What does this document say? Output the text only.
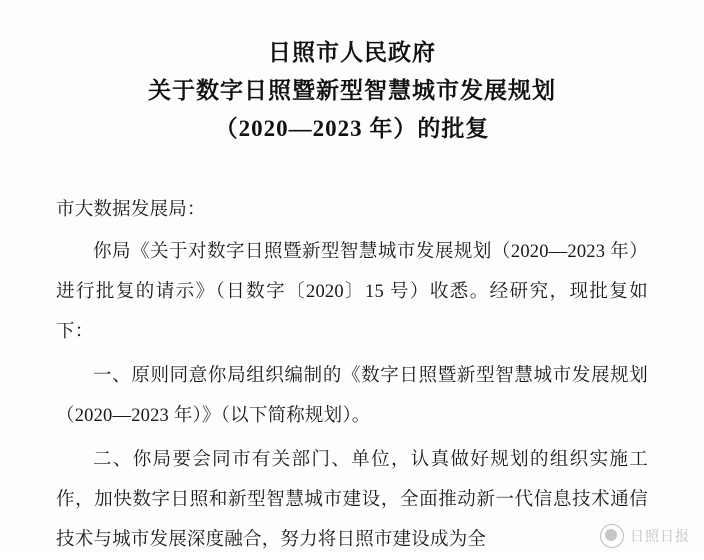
日照市人民政府
关于数字日照暨新型智慧城市发展规划
（2020—2023 年）的批复

市大数据发展局：

你局《关于对数字日照暨新型智慧城市发展规划（2020—2023 年）进行批复的请示》（日数字〔2020〕15 号）收悉。经研究，现批复如下：

一、原则同意你局组织编制的《数字日照暨新型智慧城市发展规划（2020—2023 年）》（以下简称规划）。

二、你局要会同市有关部门、单位，认真做好规划的组织实施工作，加快数字日照和新型智慧城市建设，全面推动新一代信息技术通信技术与城市发展深度融合，努力将日照市建设成为全	日照日报
